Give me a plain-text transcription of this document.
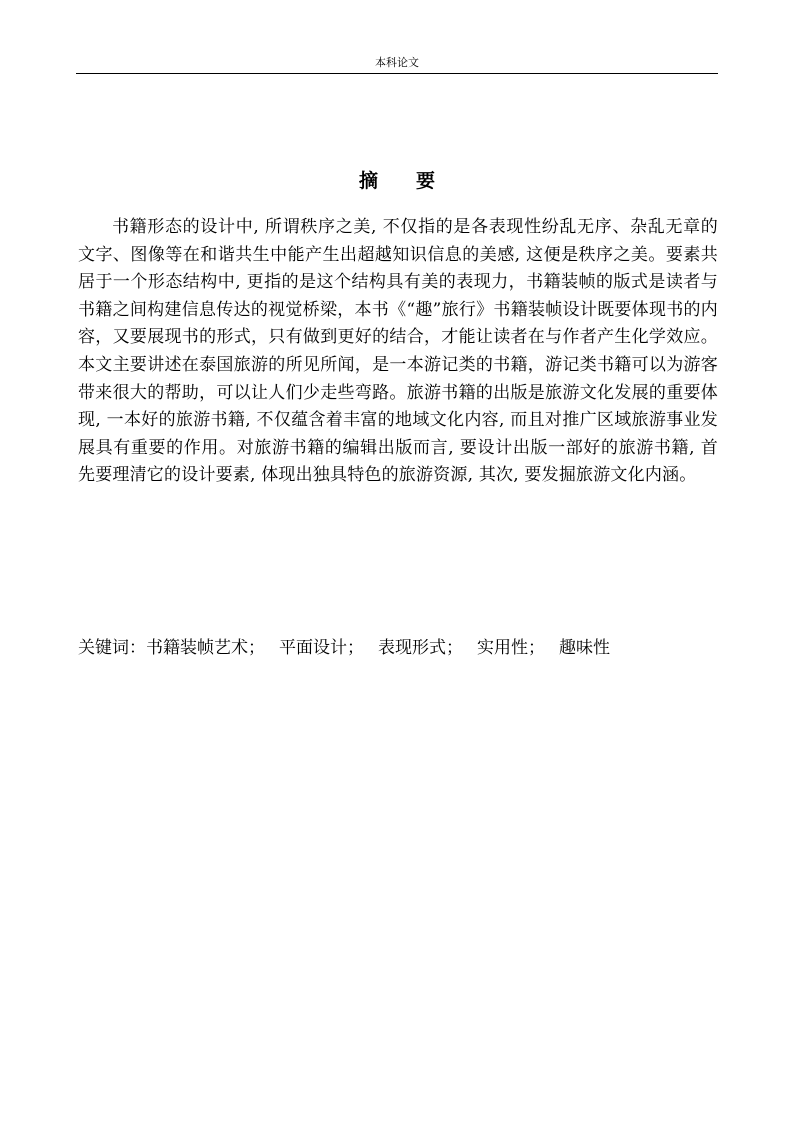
本科论文
摘 要

书籍形态的设计中, 所谓秩序之美, 不仅指的是各表现性纷乱无序、杂乱无章的文字、图像等在和谐共生中能产生出超越知识信息的美感, 这便是秩序之美。要素共居于一个形态结构中, 更指的是这个结构具有美的表现力，书籍装帧的版式是读者与书籍之间构建信息传达的视觉桥梁，本书《“趣”旅行》书籍装帧设计既要体现书的内容，又要展现书的形式，只有做到更好的结合，才能让读者在与作者产生化学效应。本文主要讲述在泰国旅游的所见所闻，是一本游记类的书籍，游记类书籍可以为游客带来很大的帮助，可以让人们少走些弯路。旅游书籍的出版是旅游文化发展的重要体现, 一本好的旅游书籍, 不仅蕴含着丰富的地域文化内容, 而且对推广区域旅游事业发展具有重要的作用。对旅游书籍的编辑出版而言, 要设计出版一部好的旅游书籍, 首先要理清它的设计要素, 体现出独具特色的旅游资源, 其次, 要发掘旅游文化内涵。

关键词：书籍装帧艺术； 平面设计； 表现形式； 实用性； 趣味性
